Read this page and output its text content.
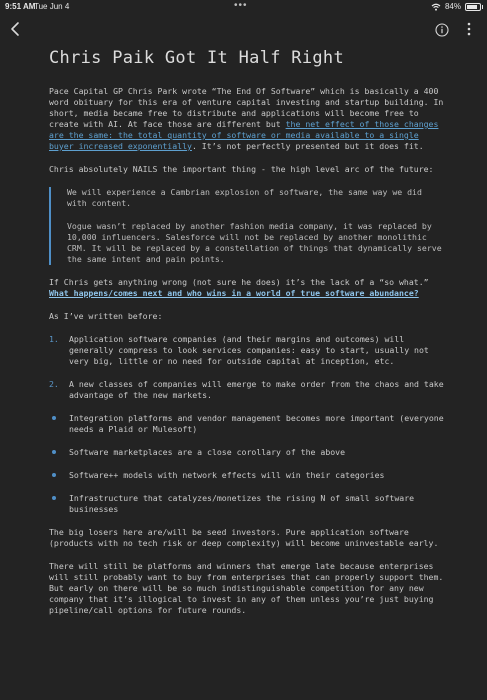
9:51 AM
Tue Jun 4	•••	84%
Chris Paik Got It Half Right

Pace Capital GP Chris Park wrote “The End Of Software” which is basically a 400 word obituary for this era of venture capital investing and startup building. In short, media became free to distribute and applications will become free to create with AI. At face those are different but the net effect of those changes are the same: the total quantity of software or media available to a single buyer increased exponentially. It’s not perfectly presented but it does fit.

Chris absolutely NAILS the important thing - the high level arc of the future:

We will experience a Cambrian explosion of software, the same way we did with content.

Vogue wasn’t replaced by another fashion media company, it was replaced by 10,000 influencers. Salesforce will not be replaced by another monolithic CRM. It will be replaced by a constellation of things that dynamically serve the same intent and pain points.

If Chris gets anything wrong (not sure he does) it’s the lack of a “so what.” What happens/comes next and who wins in a world of true software abundance?

As I’ve written before:

1. Application software companies (and their margins and outcomes) will generally compress to look services companies: easy to start, usually not very big, little or no need for outside capital at inception, etc.
2. A new classes of companies will emerge to make order from the chaos and take advantage of the new markets.
Integration platforms and vendor management becomes more important (everyone needs a Plaid or Mulesoft)
Software marketplaces are a close corollary of the above
Software++ models with network effects will win their categories
Infrastructure that catalyzes/monetizes the rising N of small software businesses

The big losers here are/will be seed investors. Pure application software (products with no tech risk or deep complexity) will become uninvestable early.

There will still be platforms and winners that emerge late because enterprises will still probably want to buy from enterprises that can properly support them. But early on there will be so much indistinguishable competition for any new company that it’s illogical to invest in any of them unless you’re just buying pipeline/call options for future rounds.
